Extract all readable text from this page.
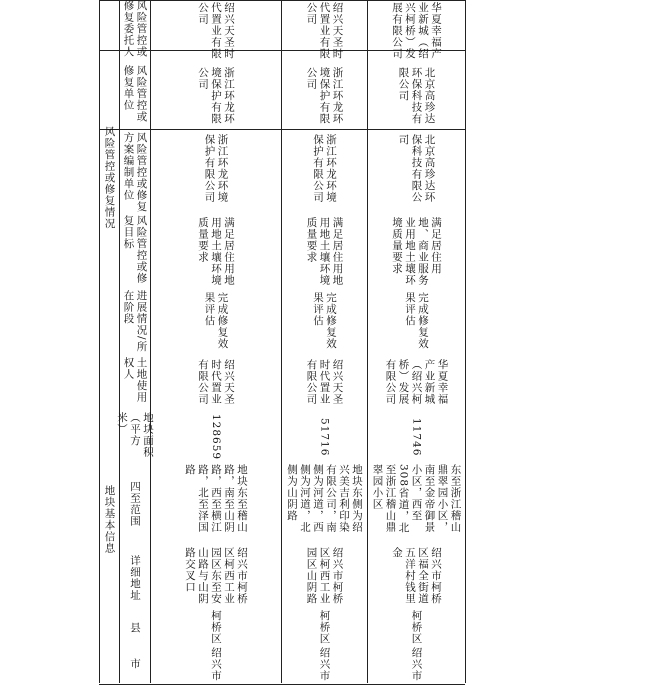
地块基本信息
风险管控或修复情况
市
县
详细地址
四至范围
地块面积（平方米）
土地使用权人
进展情况/所在阶段
风险管控或修复目标
风险管控或修复方案编制单位
风险管控或修复单位
风险管控或修复委托人
绍兴市
柯桥区
绍兴市柯桥区柯西工业园区东至安山路与山阴路交叉口
地块东至稽山路，南至山阴路，西至横江路，北至泽国路
128659
绍兴天圣时代置业有限公司
完成修复效果评估
满足居住用地用地土壤环境质量要求
浙江环龙环境保护有限公司
浙江环龙环境保护有限公司
绍兴天圣时代置业有限公司
绍兴市
柯桥区
绍兴市柯桥区柯西工业园区山阴路
地块东侧为绍兴美吉利印染有限公司，南侧为河道，西侧为河道，北侧为山阴路
51716
绍兴天圣时代置业有限公司
完成修复效果评估
满足居住用地用地土壤环境质量要求
浙江环龙环境保护有限公司
浙江环龙环境保护有限公司
绍兴天圣时代置业有限公司
绍兴市
柯桥区
绍兴市柯桥区福全街道五洋村钱里金
东至浙江稽山鼎翠园小区，南至金帝御景小区，西至308省道，北至浙江稽山鼎翠园小区
11746
华夏幸福产业新城（绍兴柯桥）发展有限公司
完成修复效果评估
满足居住用地、商业服务业用地土壤环境质量要求
北京高珍达环保科技有限公司
北京高珍达环保科技有限公司
华夏幸福产业新城（绍兴柯桥）发展有限公司
